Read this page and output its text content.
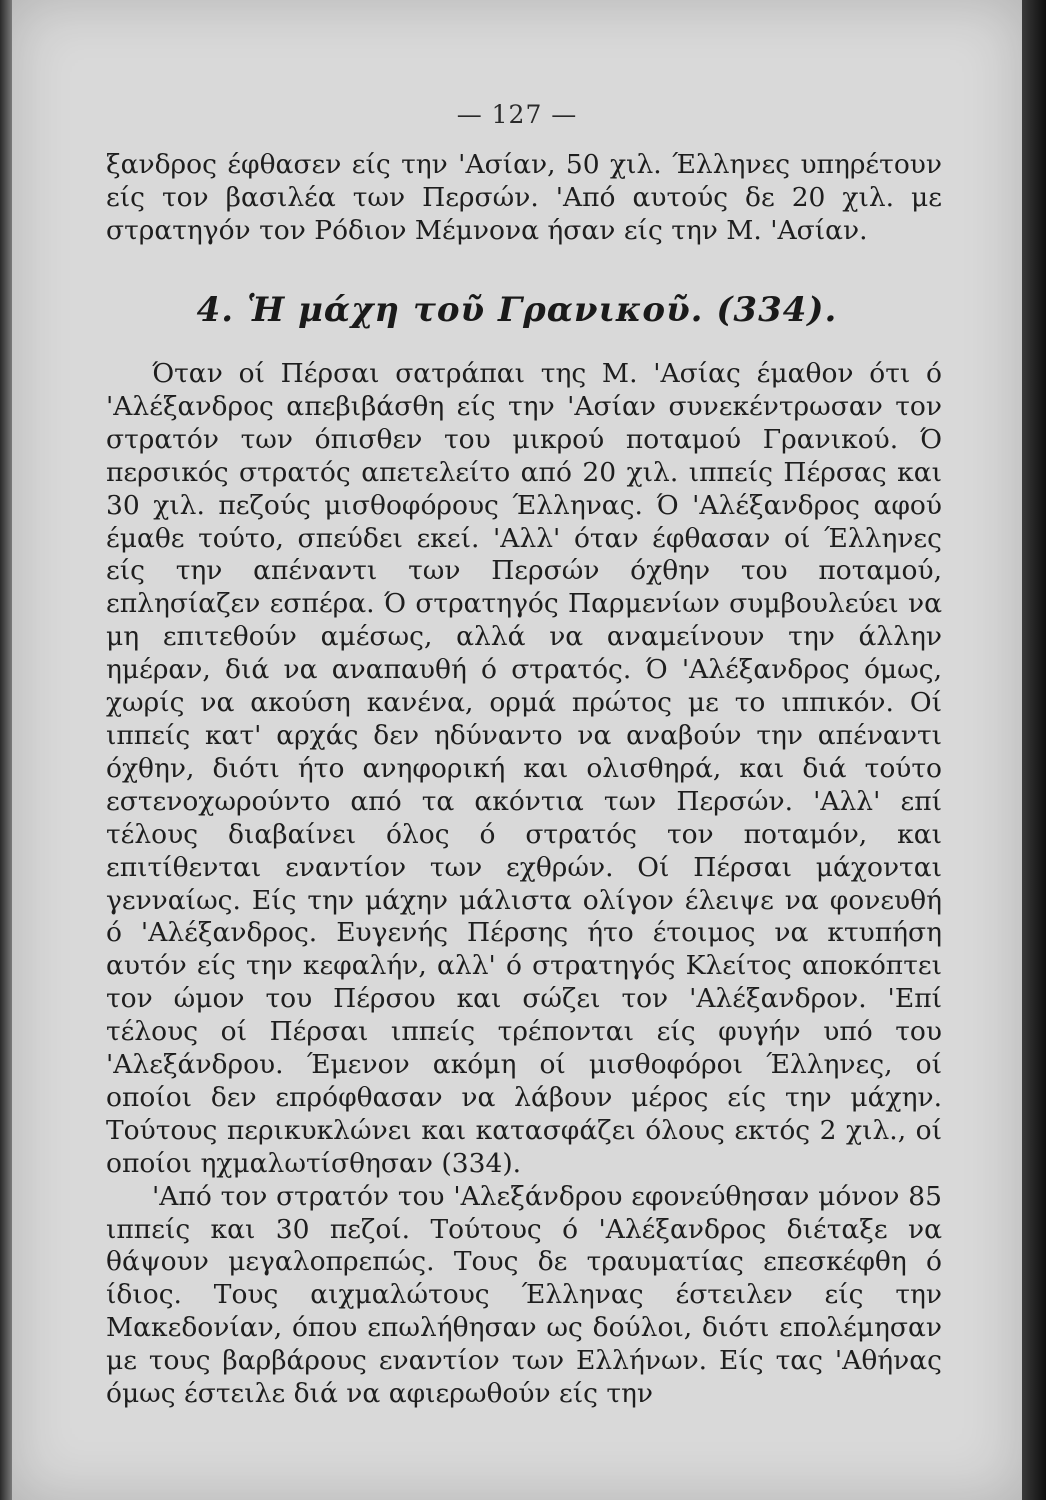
— 127 —

ξανδρος έφθασεν είς την 'Ασίαν, 50 χιλ. Έλληνες υπηρέτουν είς τον βασιλέα των Περσών. 'Από αυτούς δε 20 χιλ. με στρατηγόν τον Ρόδιον Μέμνονα ήσαν είς την Μ. 'Ασίαν.

4. Ἡ μάχη τοῦ Γρανικοῦ. (334).

Όταν οί Πέρσαι σατράπαι της Μ. 'Ασίας έμαθον ότι ό 'Αλέξανδρος απεβιβάσθη είς την 'Ασίαν συνεκέντρωσαν τον στρατόν των όπισθεν του μικρού ποταμού Γρανικού. Ό περσικός στρατός απετελείτο από 20 χιλ. ιππείς Πέρσας και 30 χιλ. πεζούς μισθοφόρους Έλληνας. Ό 'Αλέξανδρος αφού έμαθε τούτο, σπεύδει εκεί. 'Αλλ' όταν έφθασαν οί Έλληνες είς την απέναντι των Περσών όχθην του ποταμού, επλησίαζεν εσπέρα. Ό στρατηγός Παρμενίων συμβουλεύει να μη επιτεθούν αμέσως, αλλά να αναμείνουν την άλλην ημέραν, διά να αναπαυθή ό στρατός. Ό 'Αλέξανδρος όμως, χωρίς να ακούση κανένα, ορμά πρώτος με το ιππικόν. Οί ιππείς κατ' αρχάς δεν ηδύναντο να αναβούν την απέναντι όχθην, διότι ήτο ανηφορική και ολισθηρά, και διά τούτο εστενοχωρούντο από τα ακόντια των Περσών. 'Αλλ' επί τέλους διαβαίνει όλος ό στρατός τον ποταμόν, και επιτίθενται εναντίον των εχθρών. Οί Πέρσαι μάχονται γενναίως. Είς την μάχην μάλιστα ολίγον έλειψε να φονευθή ό 'Αλέξανδρος. Ευγενής Πέρσης ήτο έτοιμος να κτυπήση αυτόν είς την κεφαλήν, αλλ' ό στρατηγός Κλείτος αποκόπτει τον ώμον του Πέρσου και σώζει τον 'Αλέξανδρον. 'Επί τέλους οί Πέρσαι ιππείς τρέπονται είς φυγήν υπό του 'Αλεξάνδρου. Έμενον ακόμη οί μισθοφόροι Έλληνες, οί οποίοι δεν επρόφθασαν να λάβουν μέρος είς την μάχην. Τούτους περικυκλώνει και κατασφάζει όλους εκτός 2 χιλ., οί οποίοι ηχμαλωτίσθησαν (334).

'Από τον στρατόν του 'Αλεξάνδρου εφονεύθησαν μόνον 85 ιππείς και 30 πεζοί. Τούτους ό 'Αλέξανδρος διέταξε να θάψουν μεγαλοπρεπώς. Τους δε τραυματίας επεσκέφθη ό ίδιος. Τους αιχμαλώτους Έλληνας έστειλεν είς την Μακεδονίαν, όπου επωλήθησαν ως δούλοι, διότι επολέμησαν με τους βαρβάρους εναντίον των Ελλήνων. Είς τας 'Αθήνας όμως έστειλε διά να αφιερωθούν είς την
